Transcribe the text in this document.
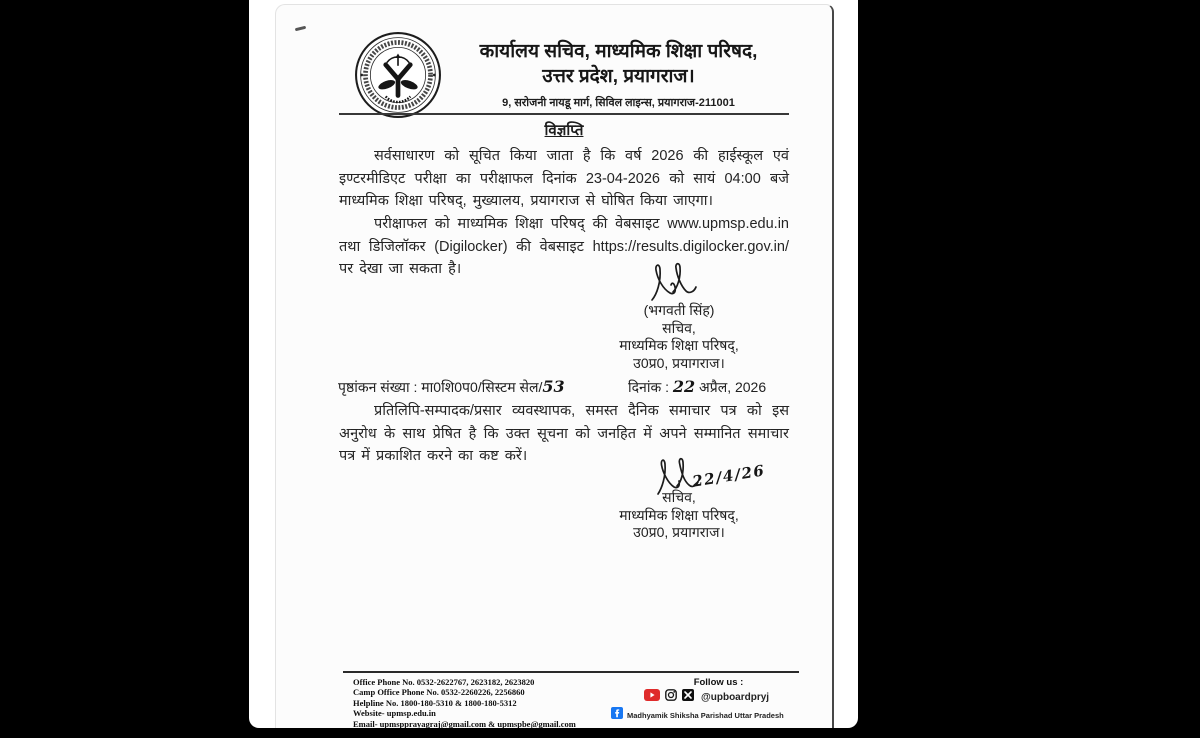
कार्यालय सचिव, माध्यमिक शिक्षा परिषद,
उत्तर प्रदेश, प्रयागराज।
9, सरोजनी नायडू मार्ग, सिविल लाइन्स, प्रयागराज-211001
विज्ञप्ति
सर्वसाधारण को सूचित किया जाता है कि वर्ष 2026 की हाईस्कूल एवं इण्टरमीडिएट परीक्षा का परीक्षाफल दिनांक 23-04-2026 को सायं 04:00 बजे माध्यमिक शिक्षा परिषद्, मुख्यालय, प्रयागराज से घोषित किया जाएगा।
परीक्षाफल को माध्यमिक शिक्षा परिषद् की वेबसाइट www.upmsp.edu.in तथा डिजिलॉकर (Digilocker) की वेबसाइट https://results.digilocker.gov.in/ पर देखा जा सकता है।
(भगवती सिंह)
सचिव,
माध्यमिक शिक्षा परिषद्,
उ0प्र0, प्रयागराज।
पृष्ठांकन संख्या : मा0शि0प0/सिस्टम सेल/53	दिनांक : 22 अप्रैल, 2026
प्रतिलिपि-सम्पादक/प्रसार व्यवस्थापक, समस्त दैनिक समाचार पत्र को इस अनुरोध के साथ प्रेषित है कि उक्त सूचना को जनहित में अपने सम्मानित समाचार पत्र में प्रकाशित करने का कष्ट करें।
22/4/26
सचिव,
माध्यमिक शिक्षा परिषद्,
उ0प्र0, प्रयागराज।
Office Phone No. 0532-2622767, 2623182, 2623820
Camp Office Phone No. 0532-2260226, 2256860
Helpline No. 1800-180-5310 & 1800-180-5312
Website- upmsp.edu.in
Email- upmspprayagraj@gmail.com & upmspbe@gmail.com
Follow us :
@upboardpryj
Madhyamik Shiksha Parishad Uttar Pradesh
